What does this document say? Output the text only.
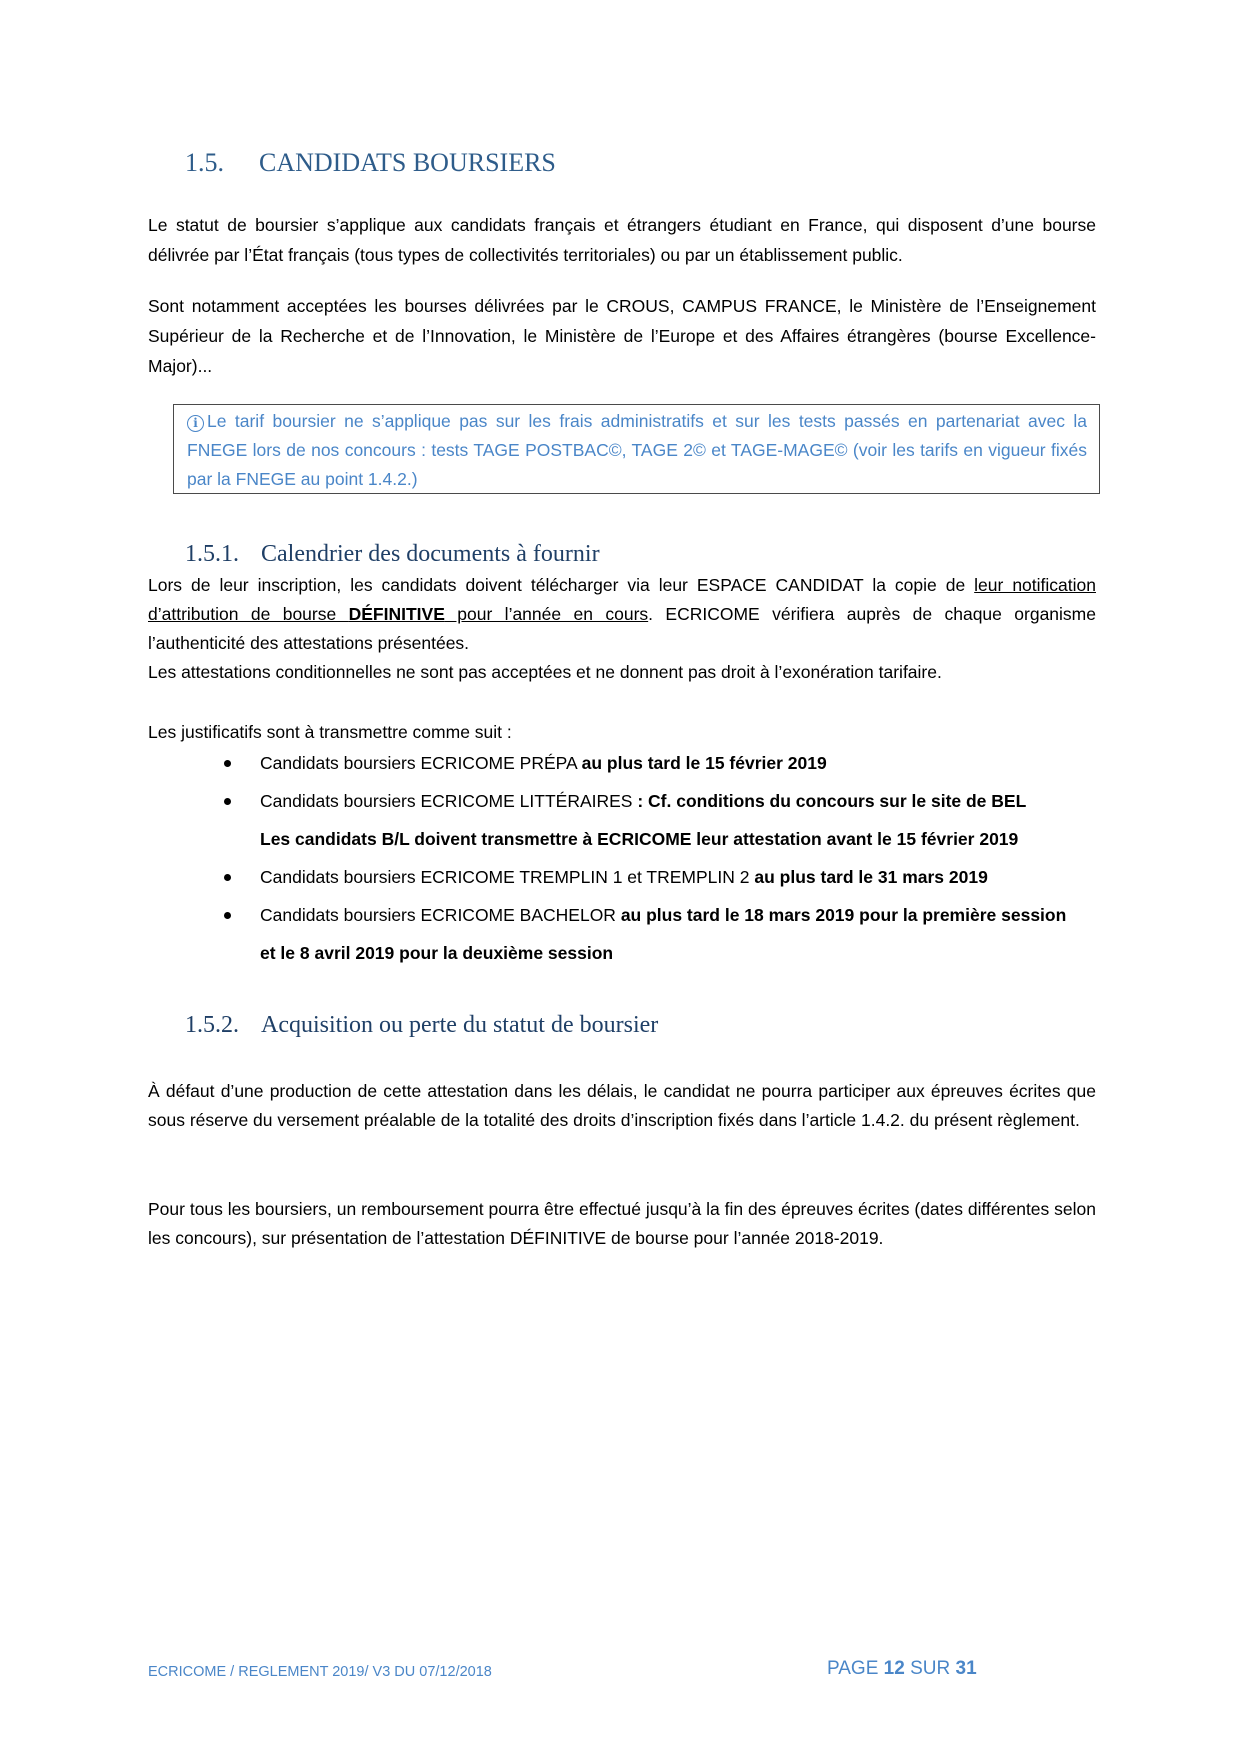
1.5. CANDIDATS BOURSIERS

Le statut de boursier s’applique aux candidats français et étrangers étudiant en France, qui disposent d’une bourse délivrée par l’État français (tous types de collectivités territoriales) ou par un établissement public.

Sont notamment acceptées les bourses délivrées par le CROUS, CAMPUS FRANCE, le Ministère de l’Enseignement Supérieur de la Recherche et de l’Innovation, le Ministère de l’Europe et des Affaires étrangères (bourse Excellence-Major)...

i Le tarif boursier ne s’applique pas sur les frais administratifs et sur les tests passés en partenariat avec la FNEGE lors de nos concours : tests TAGE POSTBAC©, TAGE 2© et TAGE-MAGE© (voir les tarifs en vigueur fixés par la FNEGE au point 1.4.2.)

1.5.1. Calendrier des documents à fournir

Lors de leur inscription, les candidats doivent télécharger via leur ESPACE CANDIDAT la copie de leur notification d’attribution de bourse DÉFINITIVE pour l’année en cours. ECRICOME vérifiera auprès de chaque organisme l’authenticité des attestations présentées.

Les attestations conditionnelles ne sont pas acceptées et ne donnent pas droit à l’exonération tarifaire.

Les justificatifs sont à transmettre comme suit :

Candidats boursiers ECRICOME PRÉPA au plus tard le 15 février 2019
Candidats boursiers ECRICOME LITTÉRAIRES : Cf. conditions du concours sur le site de BEL
Les candidats B/L doivent transmettre à ECRICOME leur attestation avant le 15 février 2019
Candidats boursiers ECRICOME TREMPLIN 1 et TREMPLIN 2 au plus tard le 31 mars 2019
Candidats boursiers ECRICOME BACHELOR au plus tard le 18 mars 2019 pour la première session
et le 8 avril 2019 pour la deuxième session
1.5.2. Acquisition ou perte du statut de boursier

À défaut d’une production de cette attestation dans les délais, le candidat ne pourra participer aux épreuves écrites que sous réserve du versement préalable de la totalité des droits d’inscription fixés dans l’article 1.4.2. du présent règlement.

Pour tous les boursiers, un remboursement pourra être effectué jusqu’à la fin des épreuves écrites (dates différentes selon les concours), sur présentation de l’attestation DÉFINITIVE de bourse pour l’année 2018-2019.

ECRICOME / REGLEMENT 2019/ V3 DU 07/12/2018	PAGE 12 SUR 31
